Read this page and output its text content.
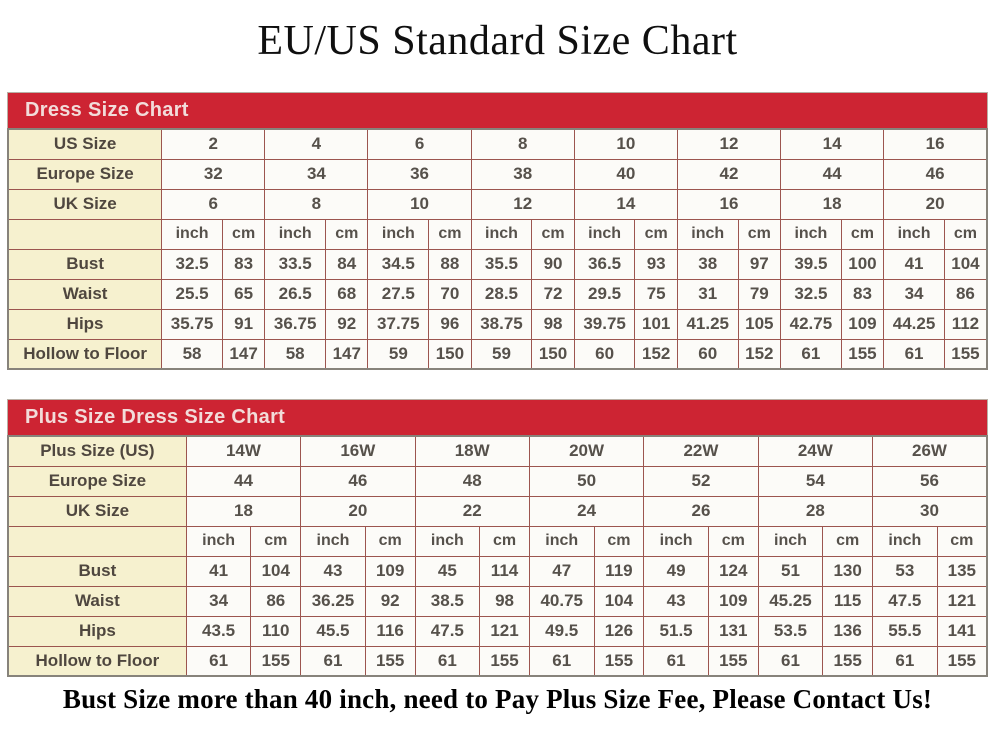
EU/US Standard Size Chart
Dress Size Chart
US Size	2		4		6		8		10		12		14		16	
Europe Size	32		34		36		38		40		42		44		46	
UK Size	6		8		10		12		14		16		18		20	
	inch	cm	inch	cm	inch	cm	inch	cm	inch	cm	inch	cm	inch	cm	inch	cm
Bust	32.5	83	33.5	84	34.5	88	35.5	90	36.5	93	38	97	39.5	100	41	104
Waist	25.5	65	26.5	68	27.5	70	28.5	72	29.5	75	31	79	32.5	83	34	86
Hips	35.75	91	36.75	92	37.75	96	38.75	98	39.75	101	41.25	105	42.75	109	44.25	112
Hollow to Floor	58	147	58	147	59	150	59	150	60	152	60	152	61	155	61	155
Plus Size Dress Size Chart
Plus Size (US)	14W		16W		18W		20W		22W		24W		26W	
Europe Size	44		46		48		50		52		54		56	
UK Size	18		20		22		24		26		28		30	
	inch	cm	inch	cm	inch	cm	inch	cm	inch	cm	inch	cm	inch	cm
Bust	41	104	43	109	45	114	47	119	49	124	51	130	53	135
Waist	34	86	36.25	92	38.5	98	40.75	104	43	109	45.25	115	47.5	121
Hips	43.5	110	45.5	116	47.5	121	49.5	126	51.5	131	53.5	136	55.5	141
Hollow to Floor	61	155	61	155	61	155	61	155	61	155	61	155	61	155

Bust Size more than 40 inch, need to Pay Plus Size Fee, Please Contact Us!
